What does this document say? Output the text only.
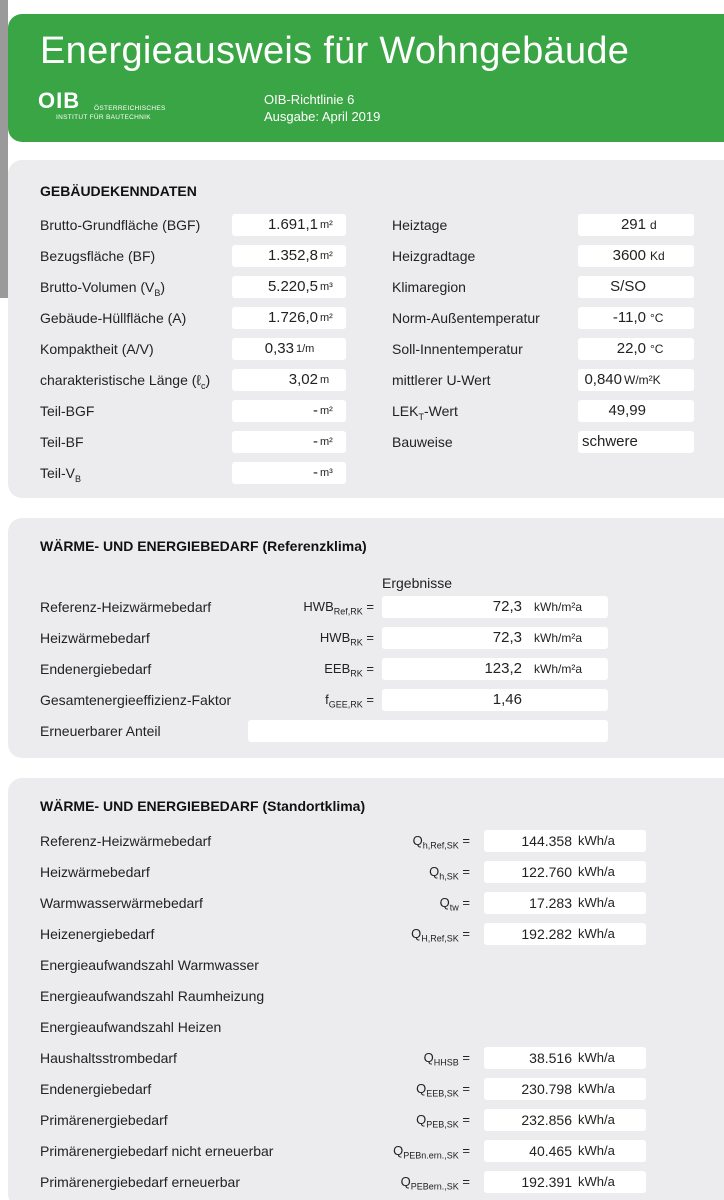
Energieausweis für Wohngebäude
OIB ÖSTERREICHISCHES
INSTITUT FÜR BAUTECHNIK
OIB-Richtlinie 6
Ausgabe: April 2019
GEBÄUDEKENNDATEN
Brutto-Grundfläche (BGF)	1.691,1 m²
Bezugsfläche (BF)	1.352,8 m²
Brutto-Volumen $(V_B)$	5.220,5 m³
Gebäude-Hüllfläche (A)	1.726,0 m²
Kompaktheit (A/V)	0,33 1/m
charakteristische Länge (ℓ$_c$)	3,02 m
Teil-BGF	- m²
Teil-BF	- m²
Teil-$V_B$	- m³
Heiztage	291 d
Heizgradtage	3600 Kd
Klimaregion	S/SO
Norm-Außentemperatur	-11,0 °C
Soll-Innentemperatur	22,0 °C
mittlerer U-Wert	0,840 W/m²K
$LEK_T$-Wert	49,99
Bauweise	schwere
WÄRME- UND ENERGIEBEDARF (Referenzklima)
Ergebnisse
Referenz-Heizwärmebedarf	$HWB_{Ref,RK}$ =	72,3 kWh/m²a
Heizwärmebedarf	$HWB_{RK}$ =	72,3 kWh/m²a
Endenergiebedarf	$EEB_{RK}$ =	123,2 kWh/m²a
Gesamtenergieeffizienz-Faktor	$f_{GEE,RK}$ =	1,46
Erneuerbarer Anteil
WÄRME- UND ENERGIEBEDARF (Standortklima)
Referenz-Heizwärmebedarf	$Q_{h,Ref,SK}$ =	144.358 kWh/a
Heizwärmebedarf	$Q_{h,SK}$ =	122.760 kWh/a
Warmwasserwärmebedarf	$Q_{tw}$ =	17.283 kWh/a
Heizenergiebedarf	$Q_{H,Ref,SK}$ =	192.282 kWh/a
Energieaufwandszahl Warmwasser
Energieaufwandszahl Raumheizung
Energieaufwandszahl Heizen
Haushaltsstrombedarf	$Q_{HHSB}$ =	38.516 kWh/a
Endenergiebedarf	$Q_{EEB,SK}$ =	230.798 kWh/a
Primärenergiebedarf	$Q_{PEB,SK}$ =	232.856 kWh/a
Primärenergiebedarf nicht erneuerbar	$Q_{PEBn.ern.,SK}$ =	40.465 kWh/a
Primärenergiebedarf erneuerbar	$Q_{PEBern.,SK}$ =	192.391 kWh/a
